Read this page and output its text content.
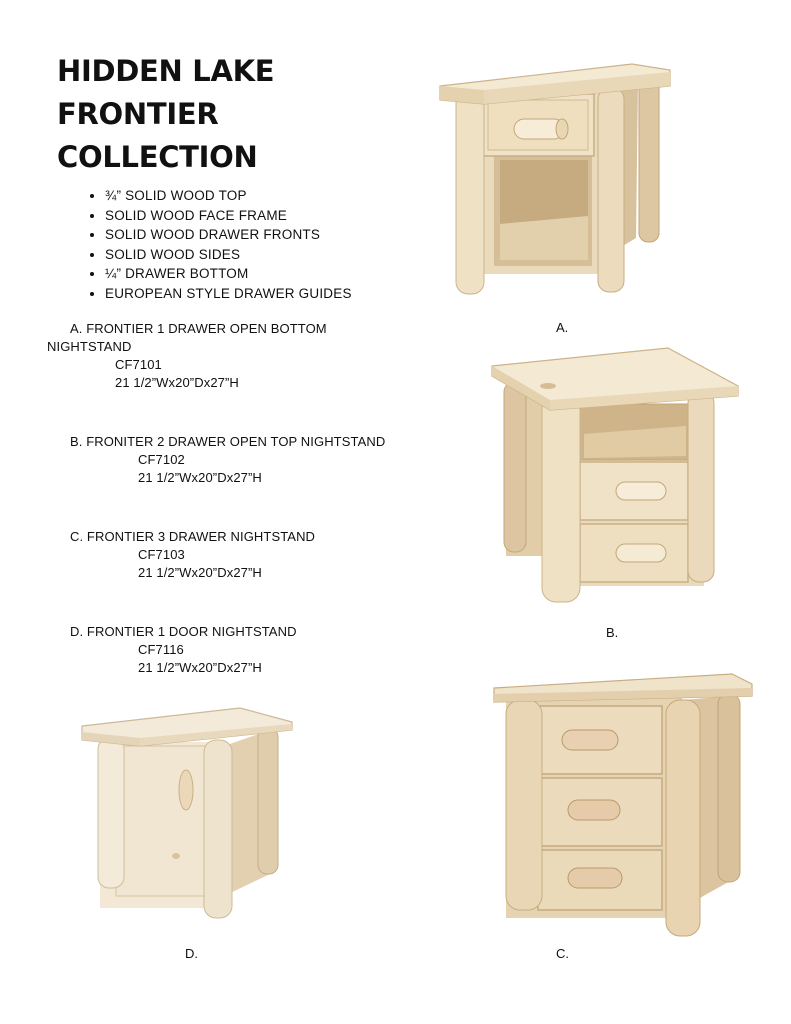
HIDDEN LAKE
FRONTIER
COLLECTION
• ¾” SOLID WOOD TOP
• SOLID WOOD FACE FRAME
• SOLID WOOD DRAWER FRONTS
• SOLID WOOD SIDES
• ¼” DRAWER BOTTOM
• EUROPEAN STYLE DRAWER GUIDES
A. FRONTIER 1 DRAWER OPEN BOTTOM NIGHTSTAND
CF7101
21 1/2”Wx20”Dx27”H
B. FRONITER 2 DRAWER OPEN TOP NIGHTSTAND
CF7102
21 1/2”Wx20”Dx27”H
C. FRONTIER 3 DRAWER NIGHTSTAND
CF7103
21 1/2”Wx20”Dx27”H
D. FRONTIER 1 DOOR NIGHTSTAND
CF7116
21 1/2”Wx20”Dx27”H
A.
B.
C.
D.
